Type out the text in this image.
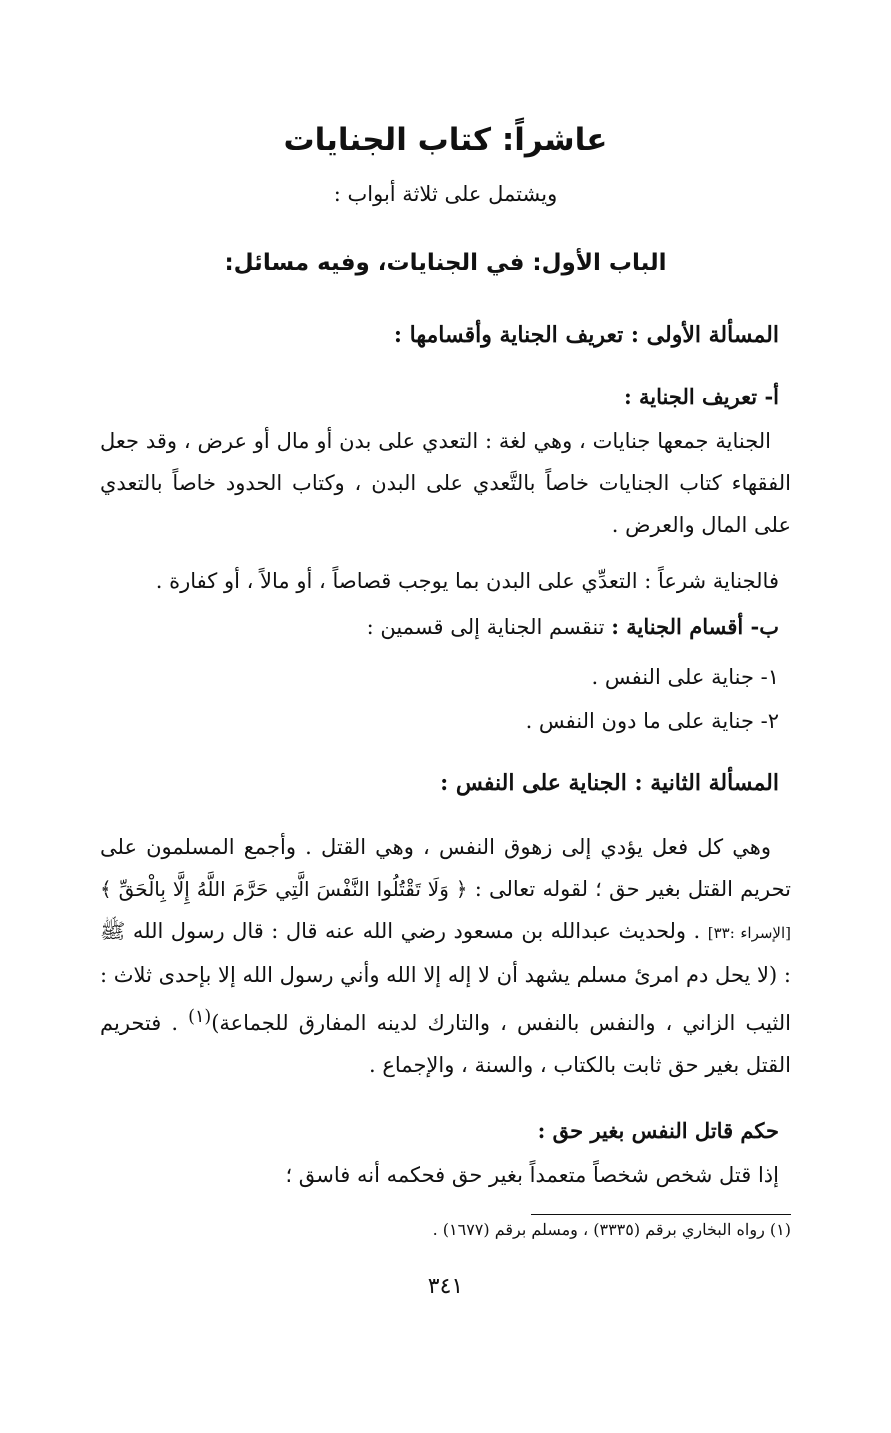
عاشراً: كتاب الجنايات

ويشتمل على ثلاثة أبواب :

الباب الأول: في الجنايات، وفيه مسائل:
المسألة الأولى : تعريف الجناية وأقسامها :
أ- تعريف الجناية :

الجناية جمعها جنايات ، وهي لغة : التعدي على بدن أو مال أو عرض ، وقد جعل الفقهاء كتاب الجنايات خاصاً بالتَّعدي على البدن ، وكتاب الحدود خاصاً بالتعدي على المال والعرض .

فالجناية شرعاً : التعدِّي على البدن بما يوجب قصاصاً ، أو مالاً ، أو كفارة .

ب- أقسام الجناية : تنقسم الجناية إلى قسمين :

١- جناية على النفس .

٢- جناية على ما دون النفس .

المسألة الثانية : الجناية على النفس :

وهي كل فعل يؤدي إلى زهوق النفس ، وهي القتل . وأجمع المسلمون على تحريم القتل بغير حق ؛ لقوله تعالى : ﴿ وَلَا تَقْتُلُوا النَّفْسَ الَّتِي حَرَّمَ اللَّهُ إِلَّا بِالْحَقِّ ﴾ [الإسراء :٣٣] . ولحديث عبدالله بن مسعود رضي الله عنه قال : قال رسول الله ﷺ : (لا يحل دم امرئ مسلم يشهد أن لا إله إلا الله وأني رسول الله إلا بإحدى ثلاث : الثيب الزاني ، والنفس بالنفس ، والتارك لدينه المفارق للجماعة)$^{(١)}$ . فتحريم القتل بغير حق ثابت بالكتاب ، والسنة ، والإجماع .

حكم قاتل النفس بغير حق :

إذا قتل شخص شخصاً متعمداً بغير حق فحكمه أنه فاسق ؛

(١) رواه البخاري برقم (٣٣٣٥) ، ومسلم برقم (١٦٧٧) .

٣٤١
